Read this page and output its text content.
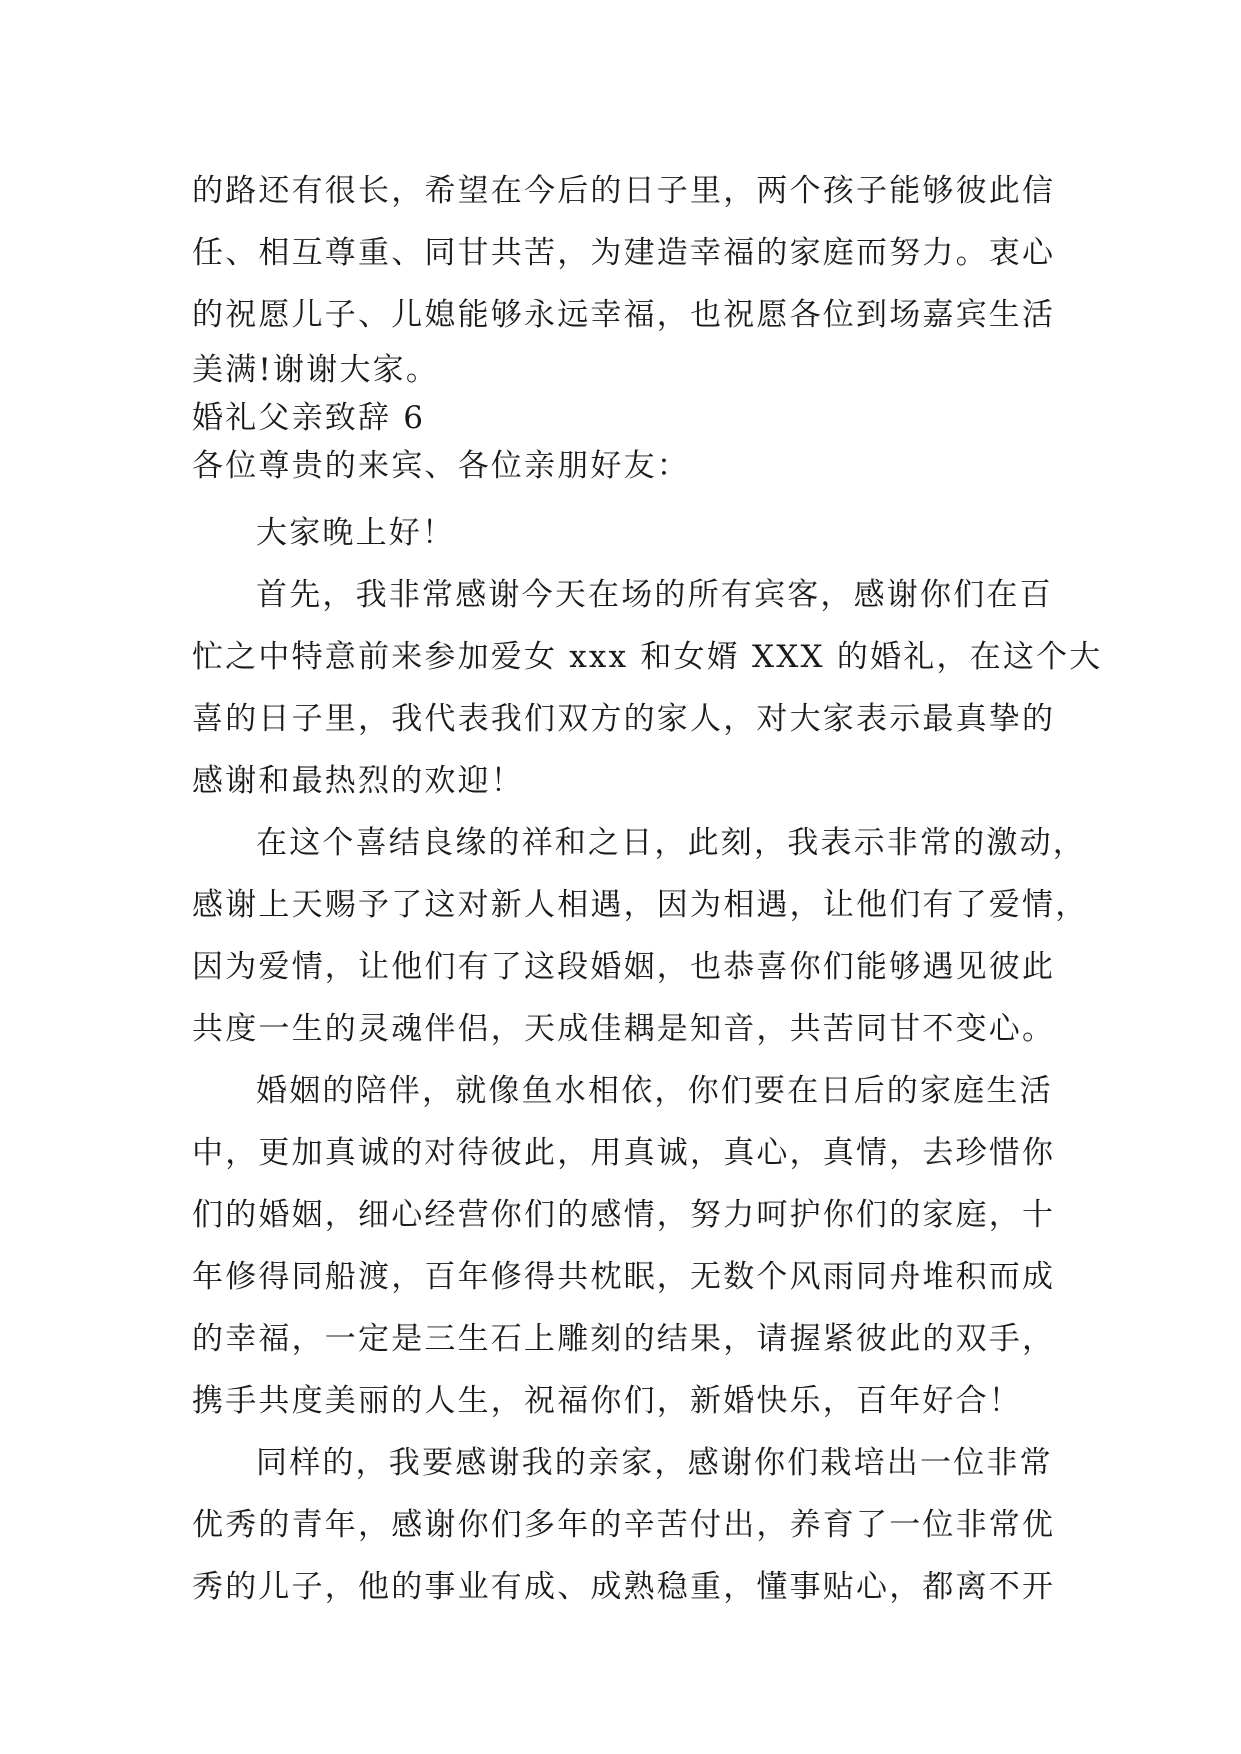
的路还有很长，希望在今后的日子里，两个孩子能够彼此信
任、相互尊重、同甘共苦，为建造幸福的家庭而努力。衷心
的祝愿儿子、儿媳能够永远幸福，也祝愿各位到场嘉宾生活
美满!谢谢大家。
婚礼父亲致辞 6
各位尊贵的来宾、各位亲朋好友：
大家晚上好！
首先，我非常感谢今天在场的所有宾客，感谢你们在百
忙之中特意前来参加爱女 xxx 和女婿 XXX 的婚礼，在这个大
喜的日子里，我代表我们双方的家人，对大家表示最真挚的
感谢和最热烈的欢迎！
在这个喜结良缘的祥和之日，此刻，我表示非常的激动，
感谢上天赐予了这对新人相遇，因为相遇，让他们有了爱情，
因为爱情，让他们有了这段婚姻，也恭喜你们能够遇见彼此
共度一生的灵魂伴侣，天成佳耦是知音，共苦同甘不变心。
婚姻的陪伴，就像鱼水相依，你们要在日后的家庭生活
中，更加真诚的对待彼此，用真诚，真心，真情，去珍惜你
们的婚姻，细心经营你们的感情，努力呵护你们的家庭，十
年修得同船渡，百年修得共枕眠，无数个风雨同舟堆积而成
的幸福，一定是三生石上雕刻的结果，请握紧彼此的双手，
携手共度美丽的人生，祝福你们，新婚快乐，百年好合！
同样的，我要感谢我的亲家，感谢你们栽培出一位非常
优秀的青年，感谢你们多年的辛苦付出，养育了一位非常优
秀的儿子，他的事业有成、成熟稳重，懂事贴心，都离不开
